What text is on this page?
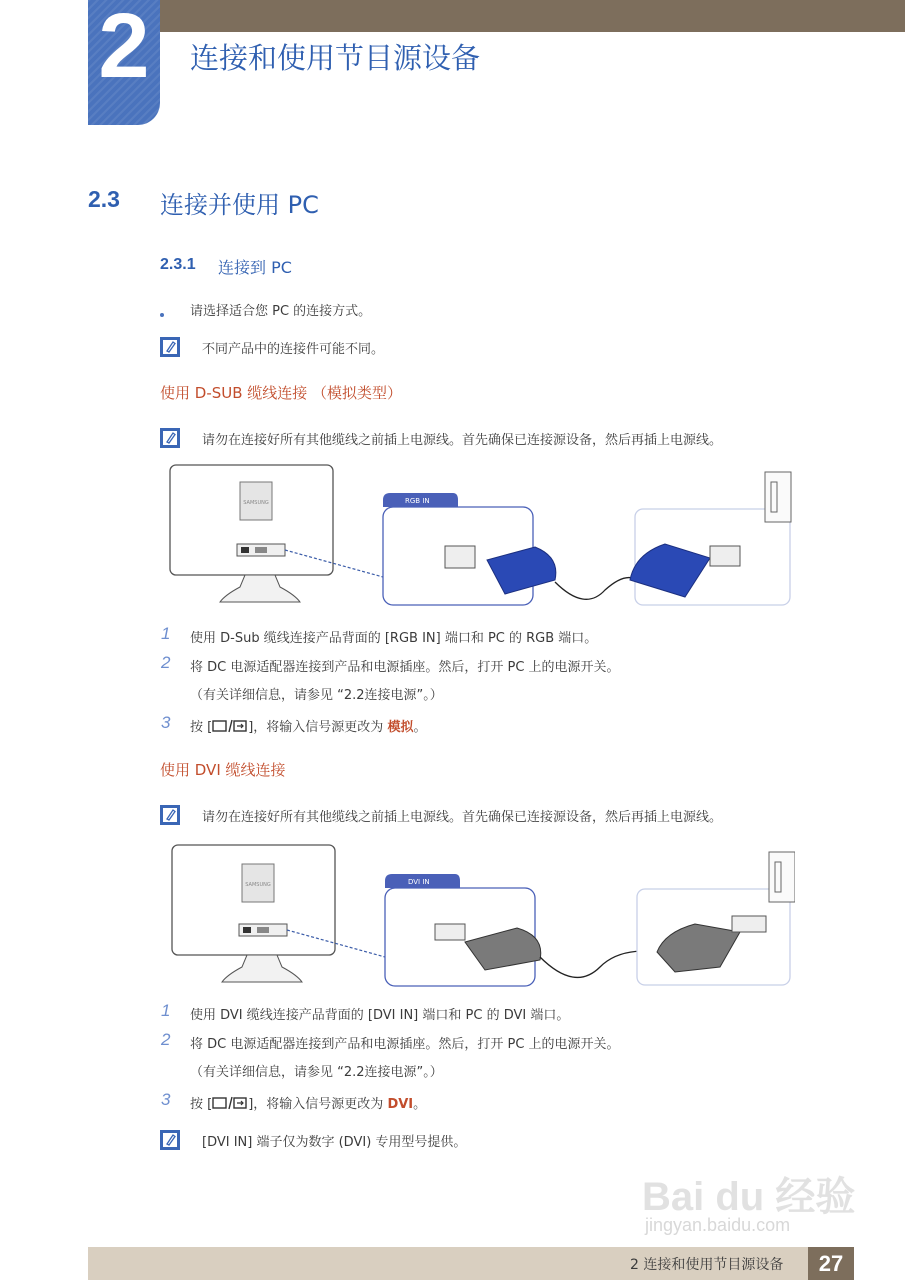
2	连接和使用节目源设备
2.3 连接并使用 PC
2.3.1 连接到 PC
请选择适合您 PC 的连接方式。
不同产品中的连接件可能不同。
使用 D-SUB 缆线连接 （模拟类型）
请勿在连接好所有其他缆线之前插上电源线。首先确保已连接源设备，然后再插上电源线。
SAMSUNG	RGB IN
1 使用 D-Sub 缆线连接产品背面的 [RGB IN] 端口和 PC 的 RGB 端口。
2 将 DC 电源适配器连接到产品和电源插座。然后，打开 PC 上的电源开关。
（有关详细信息，请参见 “2.2连接电源”。）
3 按 [	]，将输入信号源更改为 模拟。
使用 DVI 缆线连接
请勿在连接好所有其他缆线之前插上电源线。首先确保已连接源设备，然后再插上电源线。
SAMSUNG	DVI IN
1 使用 DVI 缆线连接产品背面的 [DVI IN] 端口和 PC 的 DVI 端口。
2 将 DC 电源适配器连接到产品和电源插座。然后，打开 PC 上的电源开关。
（有关详细信息，请参见 “2.2连接电源”。）
3 按 [	]，将输入信号源更改为 DVI。
[DVI IN] 端子仅为数字 (DVI) 专用型号提供。
Bai du 经验
jingyan.baidu.com
2 连接和使用节目源设备	27
